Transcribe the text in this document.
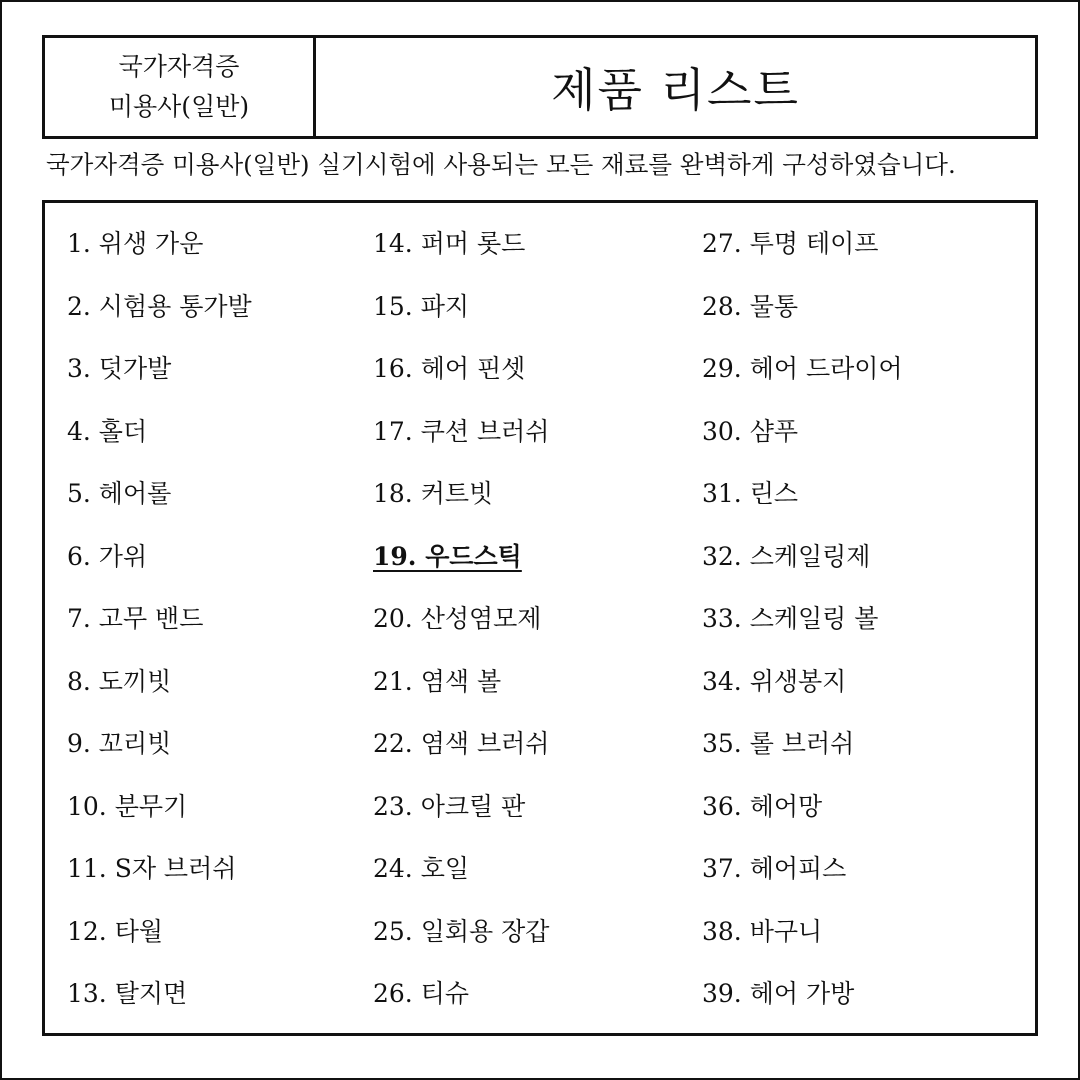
국가자격증
미용사(일반)	제품 리스트
국가자격증 미용사(일반) 실기시험에 사용되는 모든 재료를 완벽하게 구성하였습니다.
1. 위생 가운
2. 시험용 통가발
3. 덧가발
4. 홀더
5. 헤어롤
6. 가위
7. 고무 밴드
8. 도끼빗
9. 꼬리빗
10. 분무기
11. S자 브러쉬
12. 타월
13. 탈지면
14. 퍼머 롯드
15. 파지
16. 헤어 핀셋
17. 쿠션 브러쉬
18. 커트빗
19. 우드스틱
20. 산성염모제
21. 염색 볼
22. 염색 브러쉬
23. 아크릴 판
24. 호일
25. 일회용 장갑
26. 티슈
27. 투명 테이프
28. 물통
29. 헤어 드라이어
30. 샴푸
31. 린스
32. 스케일링제
33. 스케일링 볼
34. 위생봉지
35. 롤 브러쉬
36. 헤어망
37. 헤어피스
38. 바구니
39. 헤어 가방
